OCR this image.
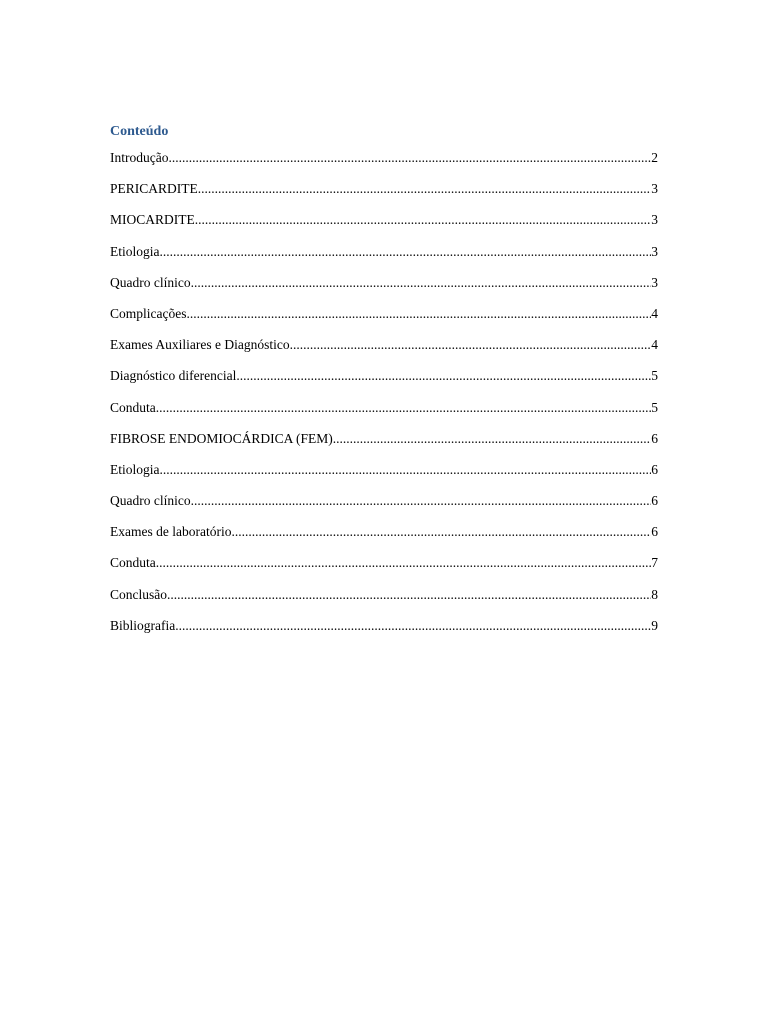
Conteúdo
Introdução .....	2
PERICARDITE .....	3
MIOCARDITE .....	3
Etiologia .....	3
Quadro clínico .....	3
Complicações .....	4
Exames Auxiliares e Diagnóstico .....	4
Diagnóstico diferencial .....	5
Conduta .....	5
FIBROSE ENDOMIOCÁRDICA (FEM) .....	6
Etiologia .....	6
Quadro clínico .....	6
Exames de laboratório .....	6
Conduta .....	7
Conclusão .....	8
Bibliografia .....	9
